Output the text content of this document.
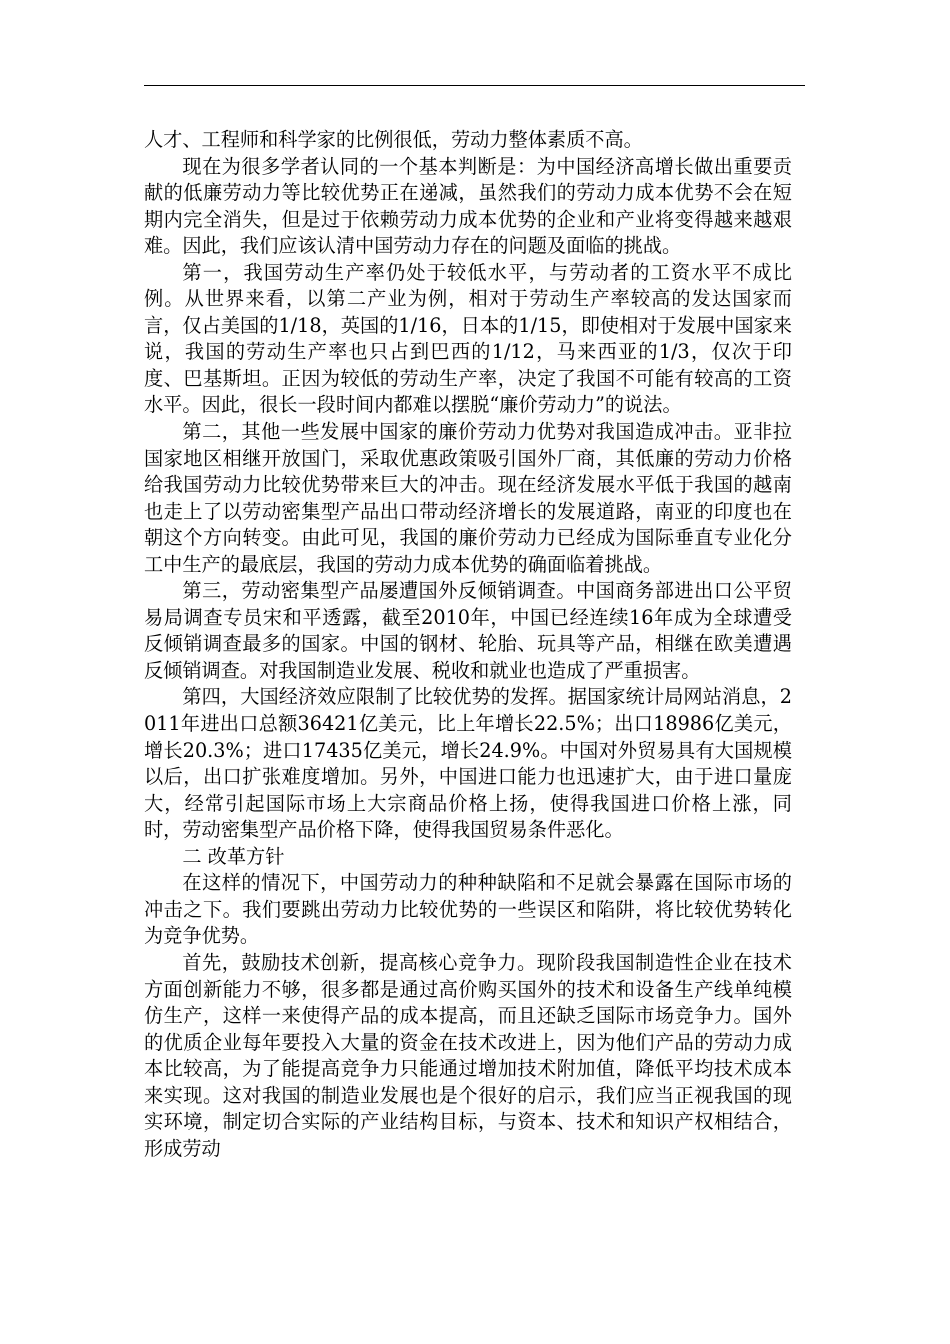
人才、工程师和科学家的比例很低，劳动力整体素质不高。

现在为很多学者认同的一个基本判断是：为中国经济高增长做出重要贡献的低廉劳动力等比较优势正在递减，虽然我们的劳动力成本优势不会在短期内完全消失，但是过于依赖劳动力成本优势的企业和产业将变得越来越艰难。因此，我们应该认清中国劳动力存在的问题及面临的挑战。

第一，我国劳动生产率仍处于较低水平，与劳动者的工资水平不成比例。从世界来看，以第二产业为例，相对于劳动生产率较高的发达国家而言，仅占美国的1/18，英国的1/16，日本的1/15，即使相对于发展中国家来说，我国的劳动生产率也只占到巴西的1/12，马来西亚的1/3，仅次于印度、巴基斯坦。正因为较低的劳动生产率，决定了我国不可能有较高的工资水平。因此，很长一段时间内都难以摆脱“廉价劳动力”的说法。

第二，其他一些发展中国家的廉价劳动力优势对我国造成冲击。亚非拉国家地区相继开放国门，采取优惠政策吸引国外厂商，其低廉的劳动力价格给我国劳动力比较优势带来巨大的冲击。现在经济发展水平低于我国的越南也走上了以劳动密集型产品出口带动经济增长的发展道路，南亚的印度也在朝这个方向转变。由此可见，我国的廉价劳动力已经成为国际垂直专业化分工中生产的最底层，我国的劳动力成本优势的确面临着挑战。

第三，劳动密集型产品屡遭国外反倾销调查。中国商务部进出口公平贸易局调查专员宋和平透露，截至2010年，中国已经连续16年成为全球遭受反倾销调查最多的国家。中国的钢材、轮胎、玩具等产品，相继在欧美遭遇反倾销调查。对我国制造业发展、税收和就业也造成了严重损害。

第四，大国经济效应限制了比较优势的发挥。据国家统计局网站消息，2011年进出口总额36421亿美元，比上年增长22.5%；出口18986亿美元，增长20.3%；进口17435亿美元，增长24.9%。中国对外贸易具有大国规模以后，出口扩张难度增加。另外，中国进口能力也迅速扩大，由于进口量庞大，经常引起国际市场上大宗商品价格上扬，使得我国进口价格上涨，同时，劳动密集型产品价格下降，使得我国贸易条件恶化。

二 改革方针

在这样的情况下，中国劳动力的种种缺陷和不足就会暴露在国际市场的冲击之下。我们要跳出劳动力比较优势的一些误区和陷阱，将比较优势转化为竞争优势。

首先，鼓励技术创新，提高核心竞争力。现阶段我国制造性企业在技术方面创新能力不够，很多都是通过高价购买国外的技术和设备生产线单纯模仿生产，这样一来使得产品的成本提高，而且还缺乏国际市场竞争力。国外的优质企业每年要投入大量的资金在技术改进上，因为他们产品的劳动力成本比较高，为了能提高竞争力只能通过增加技术附加值，降低平均技术成本来实现。这对我国的制造业发展也是个很好的启示，我们应当正视我国的现实环境，制定切合实际的产业结构目标，与资本、技术和知识产权相结合，形成劳动
